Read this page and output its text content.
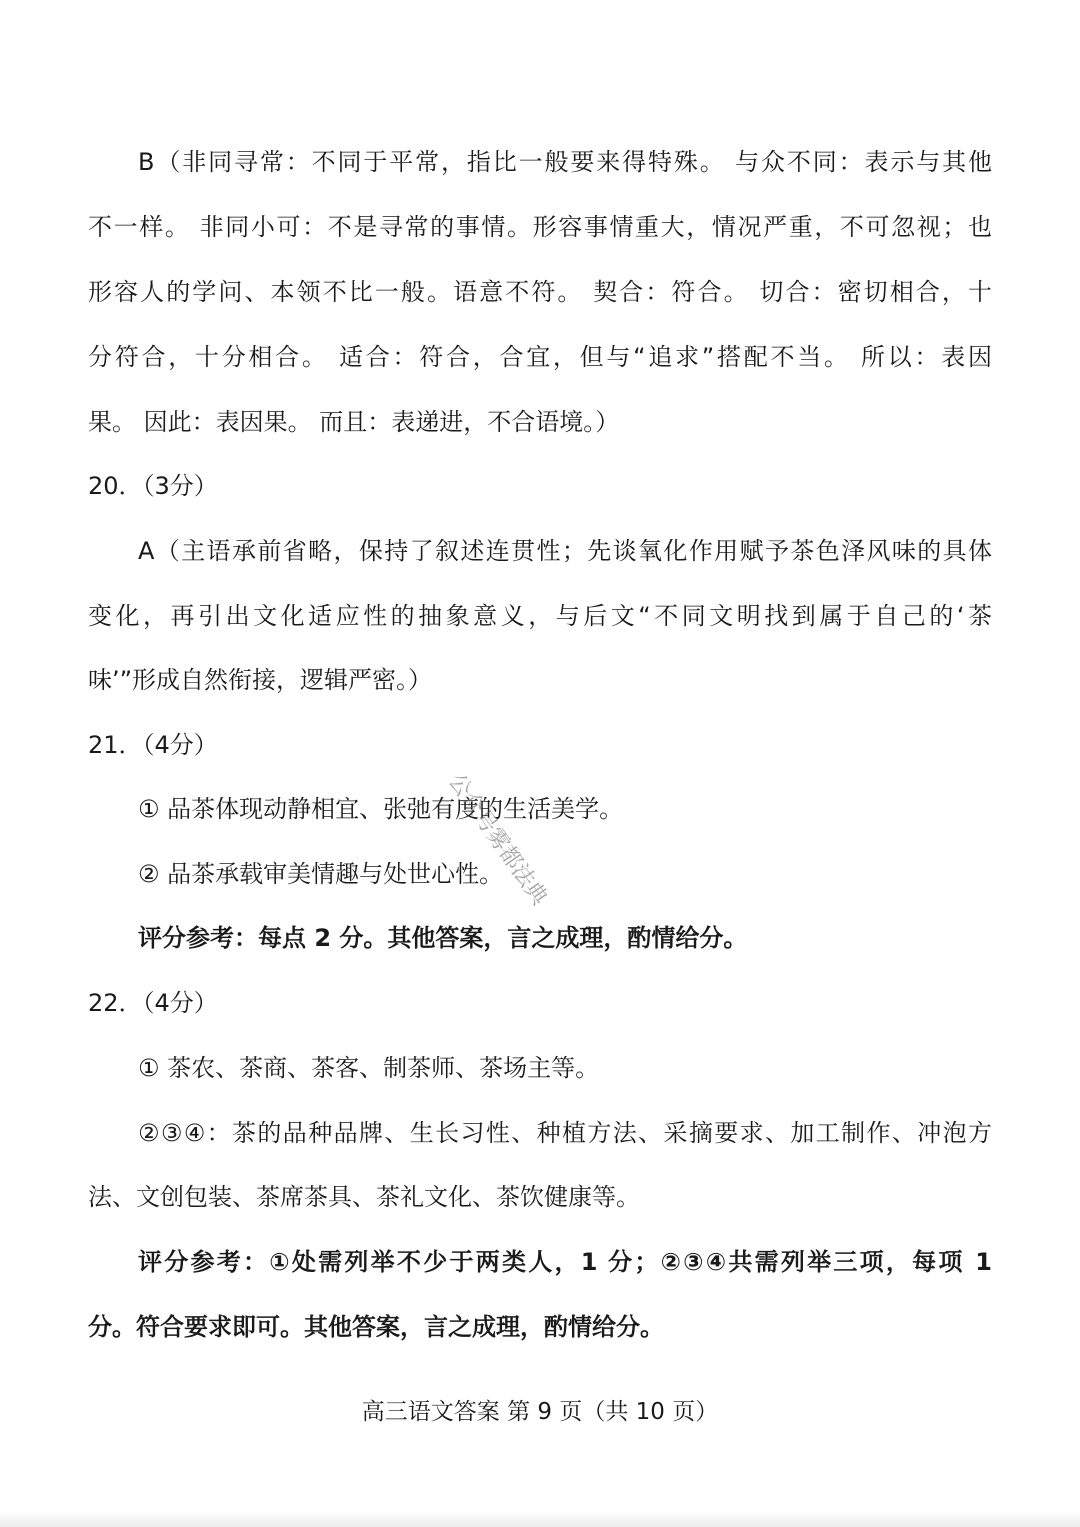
B（非同寻常：不同于平常，指比一般要来得特殊。 与众不同：表示与其他
不一样。 非同小可：不是寻常的事情。形容事情重大，情况严重，不可忽视；也
形容人的学问、本领不比一般。语意不符。 契合：符合。 切合：密切相合，十
分符合，十分相合。 适合：符合，合宜，但与“追求”搭配不当。 所以：表因
果。 因此：表因果。 而且：表递进，不合语境。）
20．（3分）
A（主语承前省略，保持了叙述连贯性；先谈氧化作用赋予茶色泽风味的具体
变化，再引出文化适应性的抽象意义，与后文“不同文明找到属于自己的‘茶
味’”形成自然衔接，逻辑严密。）
21．（4分）
① 品茶体现动静相宜、张弛有度的生活美学。
② 品茶承载审美情趣与处世心性。
评分参考：每点 2 分。其他答案，言之成理，酌情给分。
22．（4分）
① 茶农、茶商、茶客、制茶师、茶场主等。
②③④：茶的品种品牌、生长习性、种植方法、采摘要求、加工制作、冲泡方
法、文创包装、茶席茶具、茶礼文化、茶饮健康等。
评分参考：①处需列举不少于两类人，1 分；②③④共需列举三项，每项 1
分。符合要求即可。其他答案，言之成理，酌情给分。
高三语文答案 第 9 页（共 10 页）
公众号雾都法典
